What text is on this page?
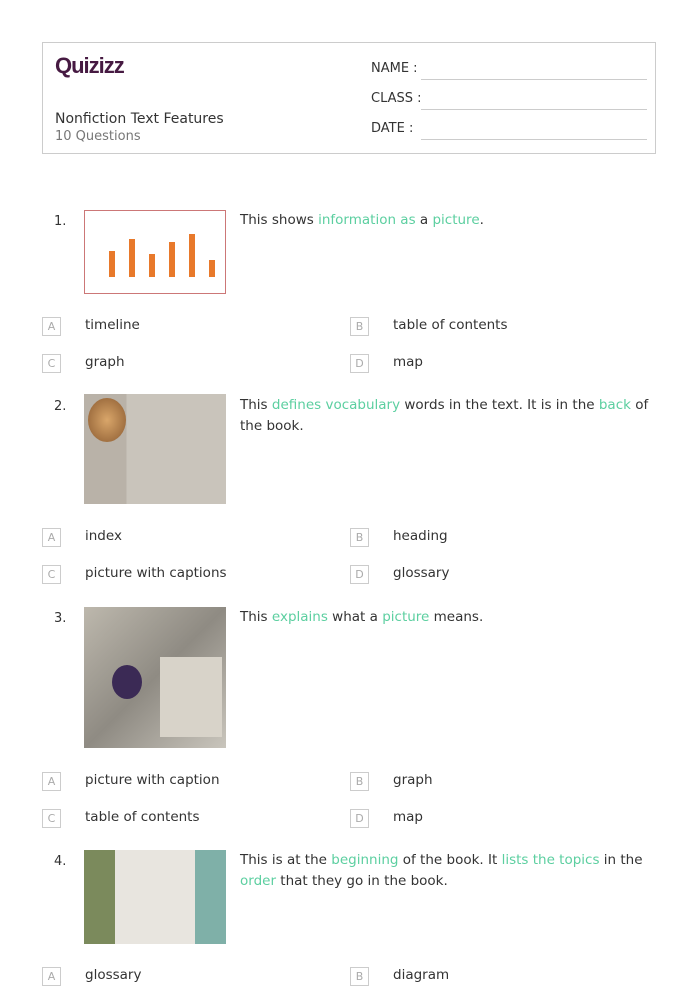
Quizizz
Nonfiction Text Features
10 Questions
NAME :
CLASS :
DATE :
1.	This shows information as a picture.
A	timeline	B	table of contents
C	graph	D	map
2.	This defines vocabulary words in the text. It is in the back of the book.
A	index	B	heading
C	picture with captions	D	glossary
3.	This explains what a picture means.
A	picture with caption	B	graph
C	table of contents	D	map
4.	This is at the beginning of the book. It lists the topics in the order that they go in the book.
A	glossary	B	diagram
